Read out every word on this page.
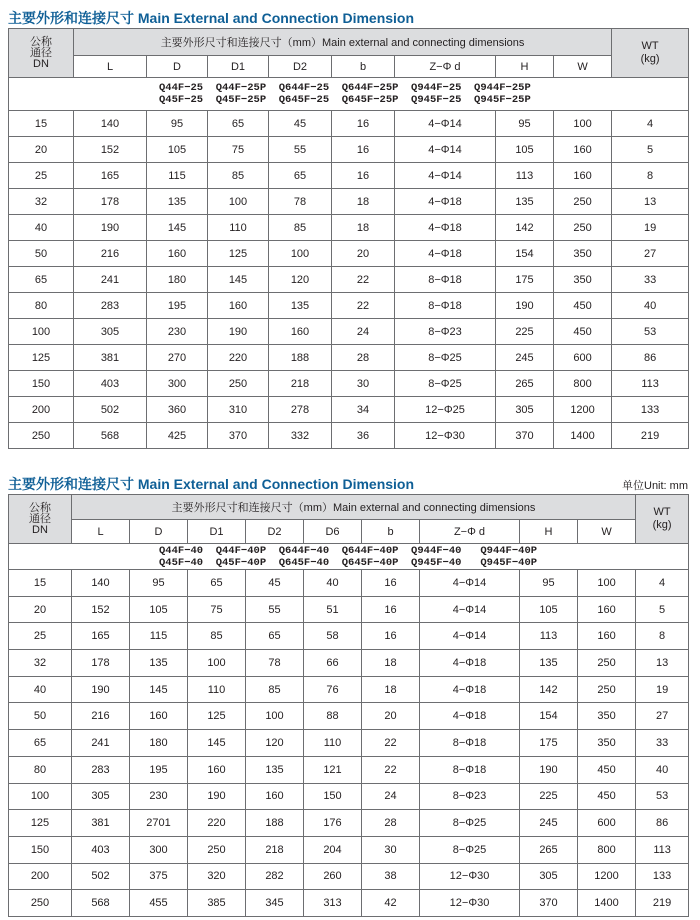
主要外形和连接尺寸 Main External and Connection Dimension
公称
通径
DN	主要外形尺寸和连接尺寸（mm）Main external and connecting dimensions								WT
(kg)
	L	D	D1	D2	b	Z−Φ d	H	W	
Q44F−25  Q44F−25P  Q644F−25  Q644F−25P  Q944F−25  Q944F−25P
Q45F−25  Q45F−25P  Q645F−25  Q645F−25P  Q945F−25  Q945F−25P									
15	140	95	65	45	16	4−Φ14	95	100	4
20	152	105	75	55	16	4−Φ14	105	160	5
25	165	115	85	65	16	4−Φ14	113	160	8
32	178	135	100	78	18	4−Φ18	135	250	13
40	190	145	110	85	18	4−Φ18	142	250	19
50	216	160	125	100	20	4−Φ18	154	350	27
65	241	180	145	120	22	8−Φ18	175	350	33
80	283	195	160	135	22	8−Φ18	190	450	40
100	305	230	190	160	24	8−Φ23	225	450	53
125	381	270	220	188	28	8−Φ25	245	600	86
150	403	300	250	218	30	8−Φ25	265	800	113
200	502	360	310	278	34	12−Φ25	305	1200	133
250	568	425	370	332	36	12−Φ30	370	1400	219
主要外形和连接尺寸 Main External and Connection Dimension	单位Unit: mm
公称
通径
DN	主要外形尺寸和连接尺寸（mm）Main external and connecting dimensions									WT
(kg)
	L	D	D1	D2	D6	b	Z−Φ d	H	W	
Q44F−40  Q44F−40P  Q644F−40  Q644F−40P  Q944F−40   Q944F−40P
Q45F−40  Q45F−40P  Q645F−40  Q645F−40P  Q945F−40   Q945F−40P										
15	140	95	65	45	40	16	4−Φ14	95	100	4
20	152	105	75	55	51	16	4−Φ14	105	160	5
25	165	115	85	65	58	16	4−Φ14	113	160	8
32	178	135	100	78	66	18	4−Φ18	135	250	13
40	190	145	110	85	76	18	4−Φ18	142	250	19
50	216	160	125	100	88	20	4−Φ18	154	350	27
65	241	180	145	120	110	22	8−Φ18	175	350	33
80	283	195	160	135	121	22	8−Φ18	190	450	40
100	305	230	190	160	150	24	8−Φ23	225	450	53
125	381	2701	220	188	176	28	8−Φ25	245	600	86
150	403	300	250	218	204	30	8−Φ25	265	800	113
200	502	375	320	282	260	38	12−Φ30	305	1200	133
250	568	455	385	345	313	42	12−Φ30	370	1400	219
